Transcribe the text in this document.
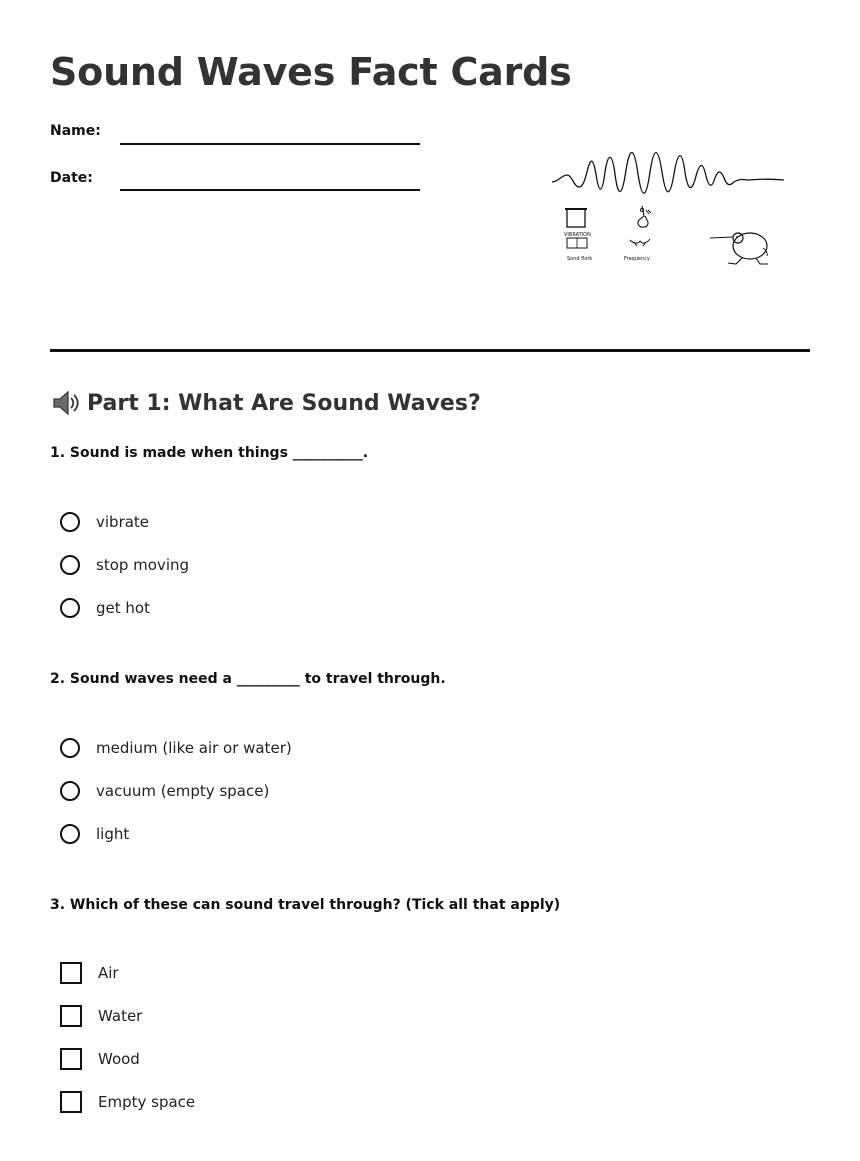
Sound Waves Fact Cards
Name:
Date:
VIBRATION
Sond flork	Frequency
Part 1: What Are Sound Waves?
1. Sound is made when things __________.
vibrate
stop moving
get hot
2. Sound waves need a _________ to travel through.
medium (like air or water)
vacuum (empty space)
light
3. Which of these can sound travel through? (Tick all that apply)
Air
Water
Wood
Empty space
